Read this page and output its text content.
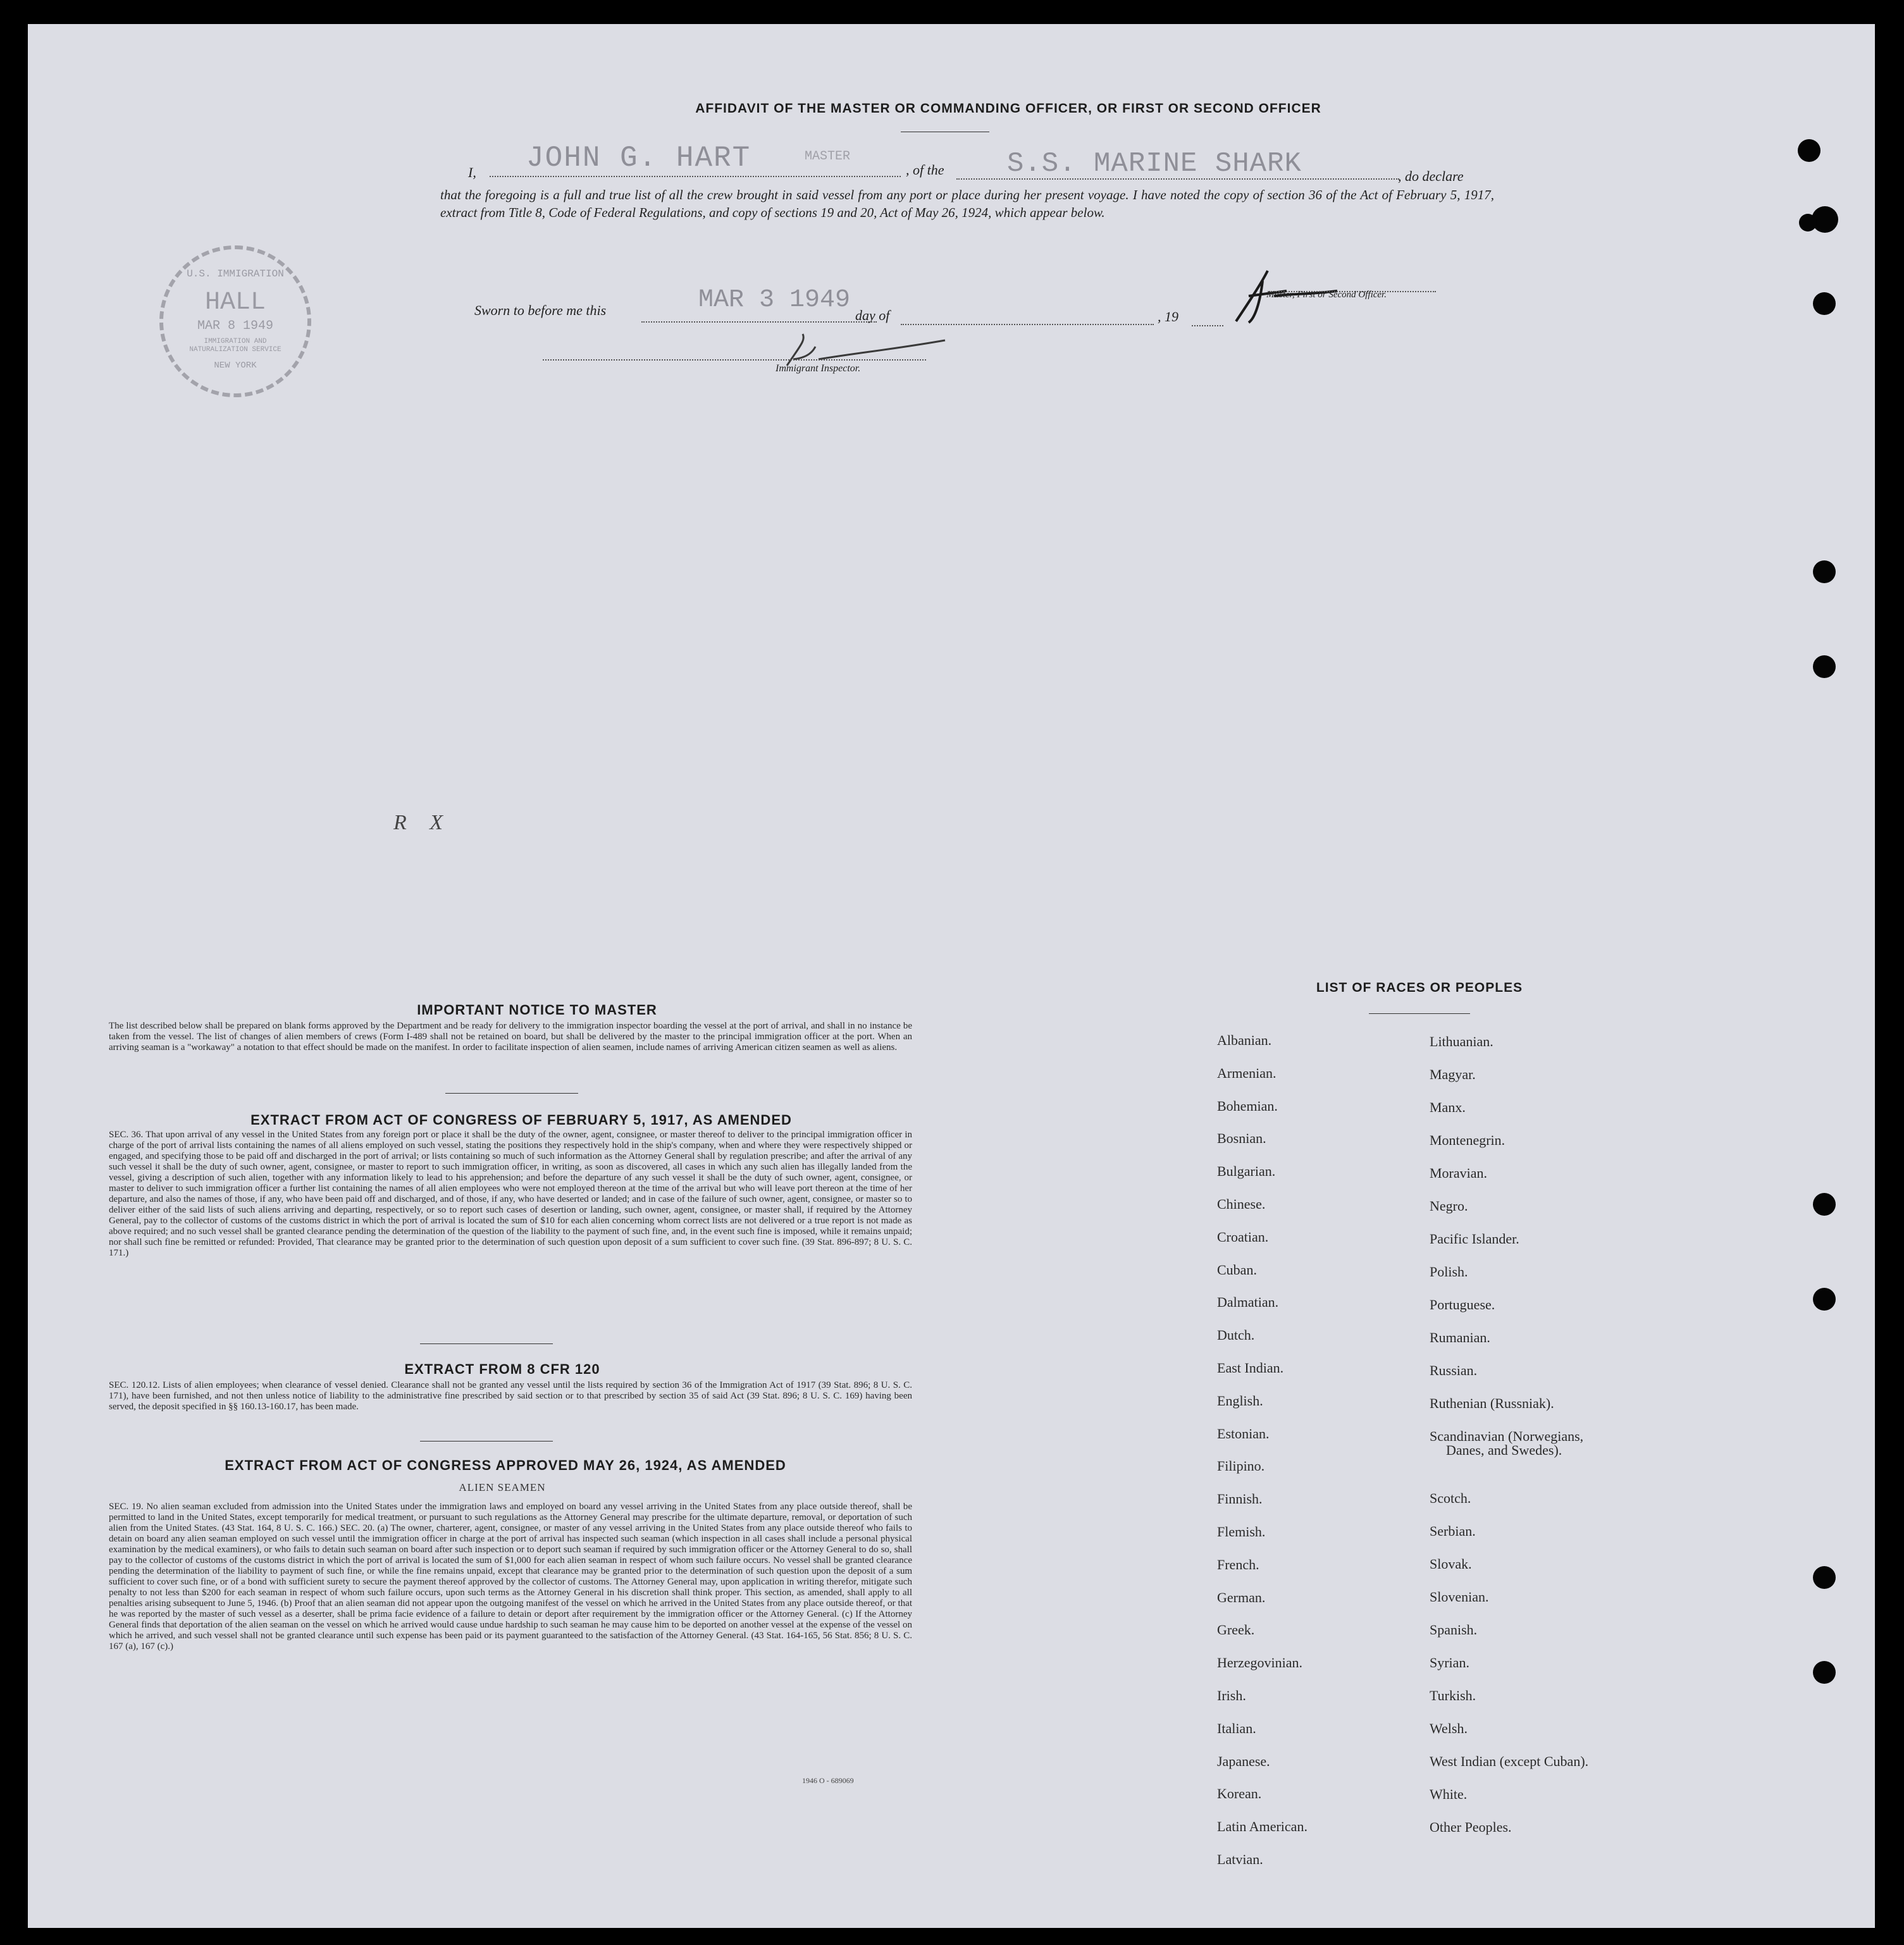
AFFIDAVIT OF THE MASTER OR COMMANDING OFFICER, OR FIRST OR SECOND OFFICER
I, JOHN G. HART	MASTER
, of the S.S. MARINE SHARK	, do declare
that the foregoing is a full and true list of all the crew brought in said vessel from any port or place during her present voyage. I have noted the copy of section 36 of the Act of February 5, 1917, extract from Title 8, Code of Federal Regulations, and copy of sections 19 and 20, Act of May 26, 1924, which appear below.
U.S. IMMIGRATION
HALL
MAR 8 1949
IMMIGRATION AND NATURALIZATION SERVICE
NEW YORK
Sworn to before me this	MAR 3 1949
day of	, 19
Master, First or Second Officer.
Immigrant Inspector.
R X
IMPORTANT NOTICE TO MASTER
The list described below shall be prepared on blank forms approved by the Department and be ready for delivery to the immigration inspector boarding the vessel at the port of arrival, and shall in no instance be taken from the vessel. The list of changes of alien members of crews (Form I-489 shall not be retained on board, but shall be delivered by the master to the principal immigration officer at the port. When an arriving seaman is a "workaway" a notation to that effect should be made on the manifest. In order to facilitate inspection of alien seamen, include names of arriving American citizen seamen as well as aliens.
EXTRACT FROM ACT OF CONGRESS OF FEBRUARY 5, 1917, AS AMENDED
SEC. 36. That upon arrival of any vessel in the United States from any foreign port or place it shall be the duty of the owner, agent, consignee, or master thereof to deliver to the principal immigration officer in charge of the port of arrival lists containing the names of all aliens employed on such vessel, stating the positions they respectively hold in the ship's company, when and where they were respectively shipped or engaged, and specifying those to be paid off and discharged in the port of arrival; or lists containing so much of such information as the Attorney General shall by regulation prescribe; and after the arrival of any such vessel it shall be the duty of such owner, agent, consignee, or master to report to such immigration officer, in writing, as soon as discovered, all cases in which any such alien has illegally landed from the vessel, giving a description of such alien, together with any information likely to lead to his apprehension; and before the departure of any such vessel it shall be the duty of such owner, agent, consignee, or master to deliver to such immigration officer a further list containing the names of all alien employees who were not employed thereon at the time of the arrival but who will leave port thereon at the time of her departure, and also the names of those, if any, who have been paid off and discharged, and of those, if any, who have deserted or landed; and in case of the failure of such owner, agent, consignee, or master so to deliver either of the said lists of such aliens arriving and departing, respectively, or so to report such cases of desertion or landing, such owner, agent, consignee, or master shall, if required by the Attorney General, pay to the collector of customs of the customs district in which the port of arrival is located the sum of $10 for each alien concerning whom correct lists are not delivered or a true report is not made as above required; and no such vessel shall be granted clearance pending the determination of the question of the liability to the payment of such fine, and, in the event such fine is imposed, while it remains unpaid; nor shall such fine be remitted or refunded: Provided, That clearance may be granted prior to the determination of such question upon deposit of a sum sufficient to cover such fine. (39 Stat. 896-897; 8 U. S. C. 171.)
EXTRACT FROM 8 CFR 120
SEC. 120.12. Lists of alien employees; when clearance of vessel denied. Clearance shall not be granted any vessel until the lists required by section 36 of the Immigration Act of 1917 (39 Stat. 896; 8 U. S. C. 171), have been furnished, and not then unless notice of liability to the administrative fine prescribed by said section or to that prescribed by section 35 of said Act (39 Stat. 896; 8 U. S. C. 169) having been served, the deposit specified in §§ 160.13-160.17, has been made.
EXTRACT FROM ACT OF CONGRESS APPROVED MAY 26, 1924, AS AMENDED
ALIEN SEAMEN
SEC. 19. No alien seaman excluded from admission into the United States under the immigration laws and employed on board any vessel arriving in the United States from any place outside thereof, shall be permitted to land in the United States, except temporarily for medical treatment, or pursuant to such regulations as the Attorney General may prescribe for the ultimate departure, removal, or deportation of such alien from the United States. (43 Stat. 164, 8 U. S. C. 166.) SEC. 20. (a) The owner, charterer, agent, consignee, or master of any vessel arriving in the United States from any place outside thereof who fails to detain on board any alien seaman employed on such vessel until the immigration officer in charge at the port of arrival has inspected such seaman (which inspection in all cases shall include a personal physical examination by the medical examiners), or who fails to detain such seaman on board after such inspection or to deport such seaman if required by such immigration officer or the Attorney General to do so, shall pay to the collector of customs of the customs district in which the port of arrival is located the sum of $1,000 for each alien seaman in respect of whom such failure occurs. No vessel shall be granted clearance pending the determination of the liability to payment of such fine, or while the fine remains unpaid, except that clearance may be granted prior to the determination of such question upon the deposit of a sum sufficient to cover such fine, or of a bond with sufficient surety to secure the payment thereof approved by the collector of customs. The Attorney General may, upon application in writing therefor, mitigate such penalty to not less than $200 for each seaman in respect of whom such failure occurs, upon such terms as the Attorney General in his discretion shall think proper. This section, as amended, shall apply to all penalties arising subsequent to June 5, 1946. (b) Proof that an alien seaman did not appear upon the outgoing manifest of the vessel on which he arrived in the United States from any place outside thereof, or that he was reported by the master of such vessel as a deserter, shall be prima facie evidence of a failure to detain or deport after requirement by the immigration officer or the Attorney General. (c) If the Attorney General finds that deportation of the alien seaman on the vessel on which he arrived would cause undue hardship to such seaman he may cause him to be deported on another vessel at the expense of the vessel on which he arrived, and such vessel shall not be granted clearance until such expense has been paid or its payment guaranteed to the satisfaction of the Attorney General. (43 Stat. 164-165, 56 Stat. 856; 8 U. S. C. 167 (a), 167 (c).)
1946 O - 689069
LIST OF RACES OR PEOPLES
Albanian.
Armenian.
Bohemian.
Bosnian.
Bulgarian.
Chinese.
Croatian.
Cuban.
Dalmatian.
Dutch.
East Indian.
English.
Estonian.
Filipino.
Finnish.
Flemish.
French.
German.
Greek.
Herzegovinian.
Irish.
Italian.
Japanese.
Korean.
Latin American.
Latvian.
Lithuanian.
Magyar.
Manx.
Montenegrin.
Moravian.
Negro.
Pacific Islander.
Polish.
Portuguese.
Rumanian.
Russian.
Ruthenian (Russniak).
Scandinavian (Norwegians,
Danes, and Swedes).
Scotch.
Serbian.
Slovak.
Slovenian.
Spanish.
Syrian.
Turkish.
Welsh.
West Indian (except Cuban).
White.
Other Peoples.
